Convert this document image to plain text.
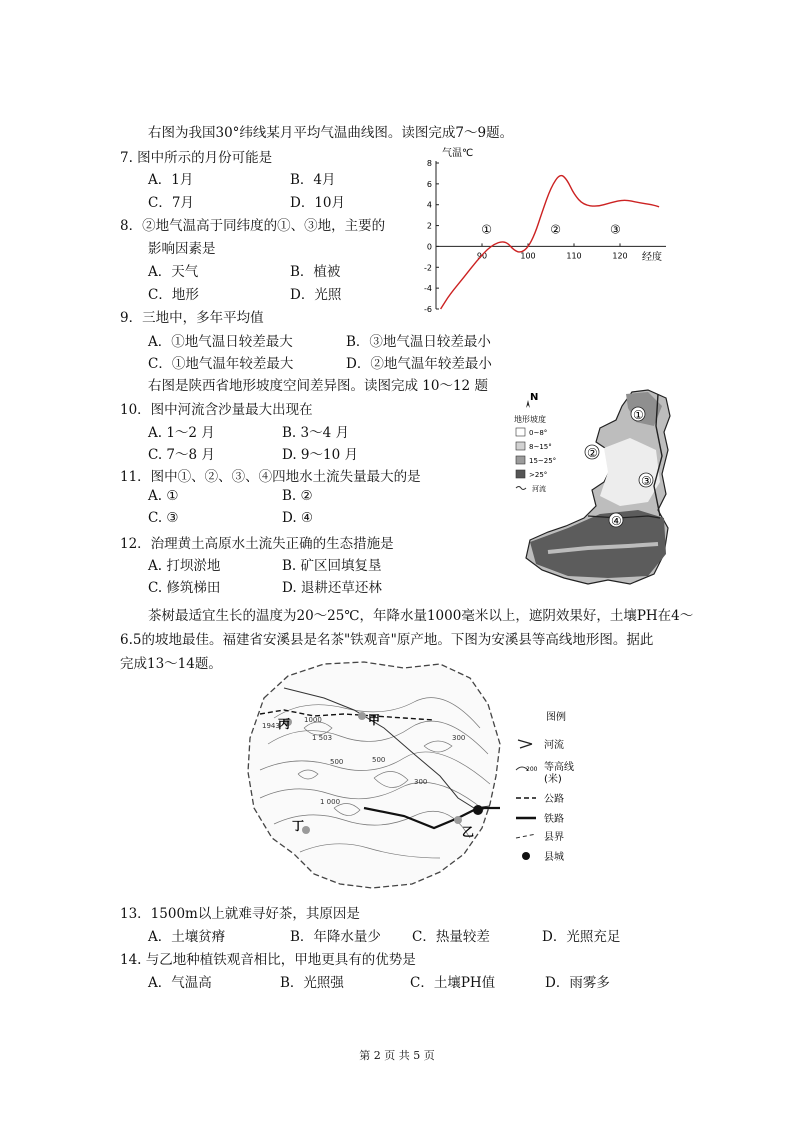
右图为我国30°纬线某月平均气温曲线图。读图完成7～9题。
7. 图中所示的月份可能是
A．1月	B．4月
C．7月	D．10月
8．②地气温高于同纬度的①、③地，主要的
影响因素是
A．天气	B．植被
C．地形	D．光照
9．三地中，多年平均值
A．①地气温日较差最大	B．③地气温日较差最小
C．①地气温年较差最大	D．②地气温年较差最小
8
6
4
2
0
-2
-4
-6
90	100	110	120
①	②	③
气温℃
经度
右图是陕西省地形坡度空间差异图。读图完成 10～12 题
10．图中河流含沙量最大出现在
A. 1～2 月	B. 3～4 月
C. 7～8 月	D. 9～10 月
11．图中①、②、③、④四地水土流失量最大的是
A. ①	B. ②
C. ③	D. ④
12．治理黄土高原水土流失正确的生态措施是
A. 打坝淤地	B. 矿区回填复垦
C. 修筑梯田	D. 退耕还草还林
N
地形坡度
0~8°
8~15°
15~25°
>25°
河流
①
②
③
④
茶树最适宜生长的温度为20～25℃，年降水量1000毫米以上，遮阴效果好，土壤PH在4～
6.5的坡地最佳。福建省安溪县是名茶"铁观音"原产地。下图为安溪县等高线地形图。据此
完成13～14题。
1 503
1000
500
1 000
300
500
300
1943
丙	甲
丁	乙
图例
河流
200 等高线
(米)
公路
铁路
县界
县城
13．1500m以上就难寻好茶，其原因是
A．土壤贫瘠	B．年降水量少 C．热量较差	D．光照充足
14. 与乙地种植铁观音相比，甲地更具有的优势是
A．气温高	B．光照强	C．土壤PH值	D．雨雾多
第 2 页 共 5 页
